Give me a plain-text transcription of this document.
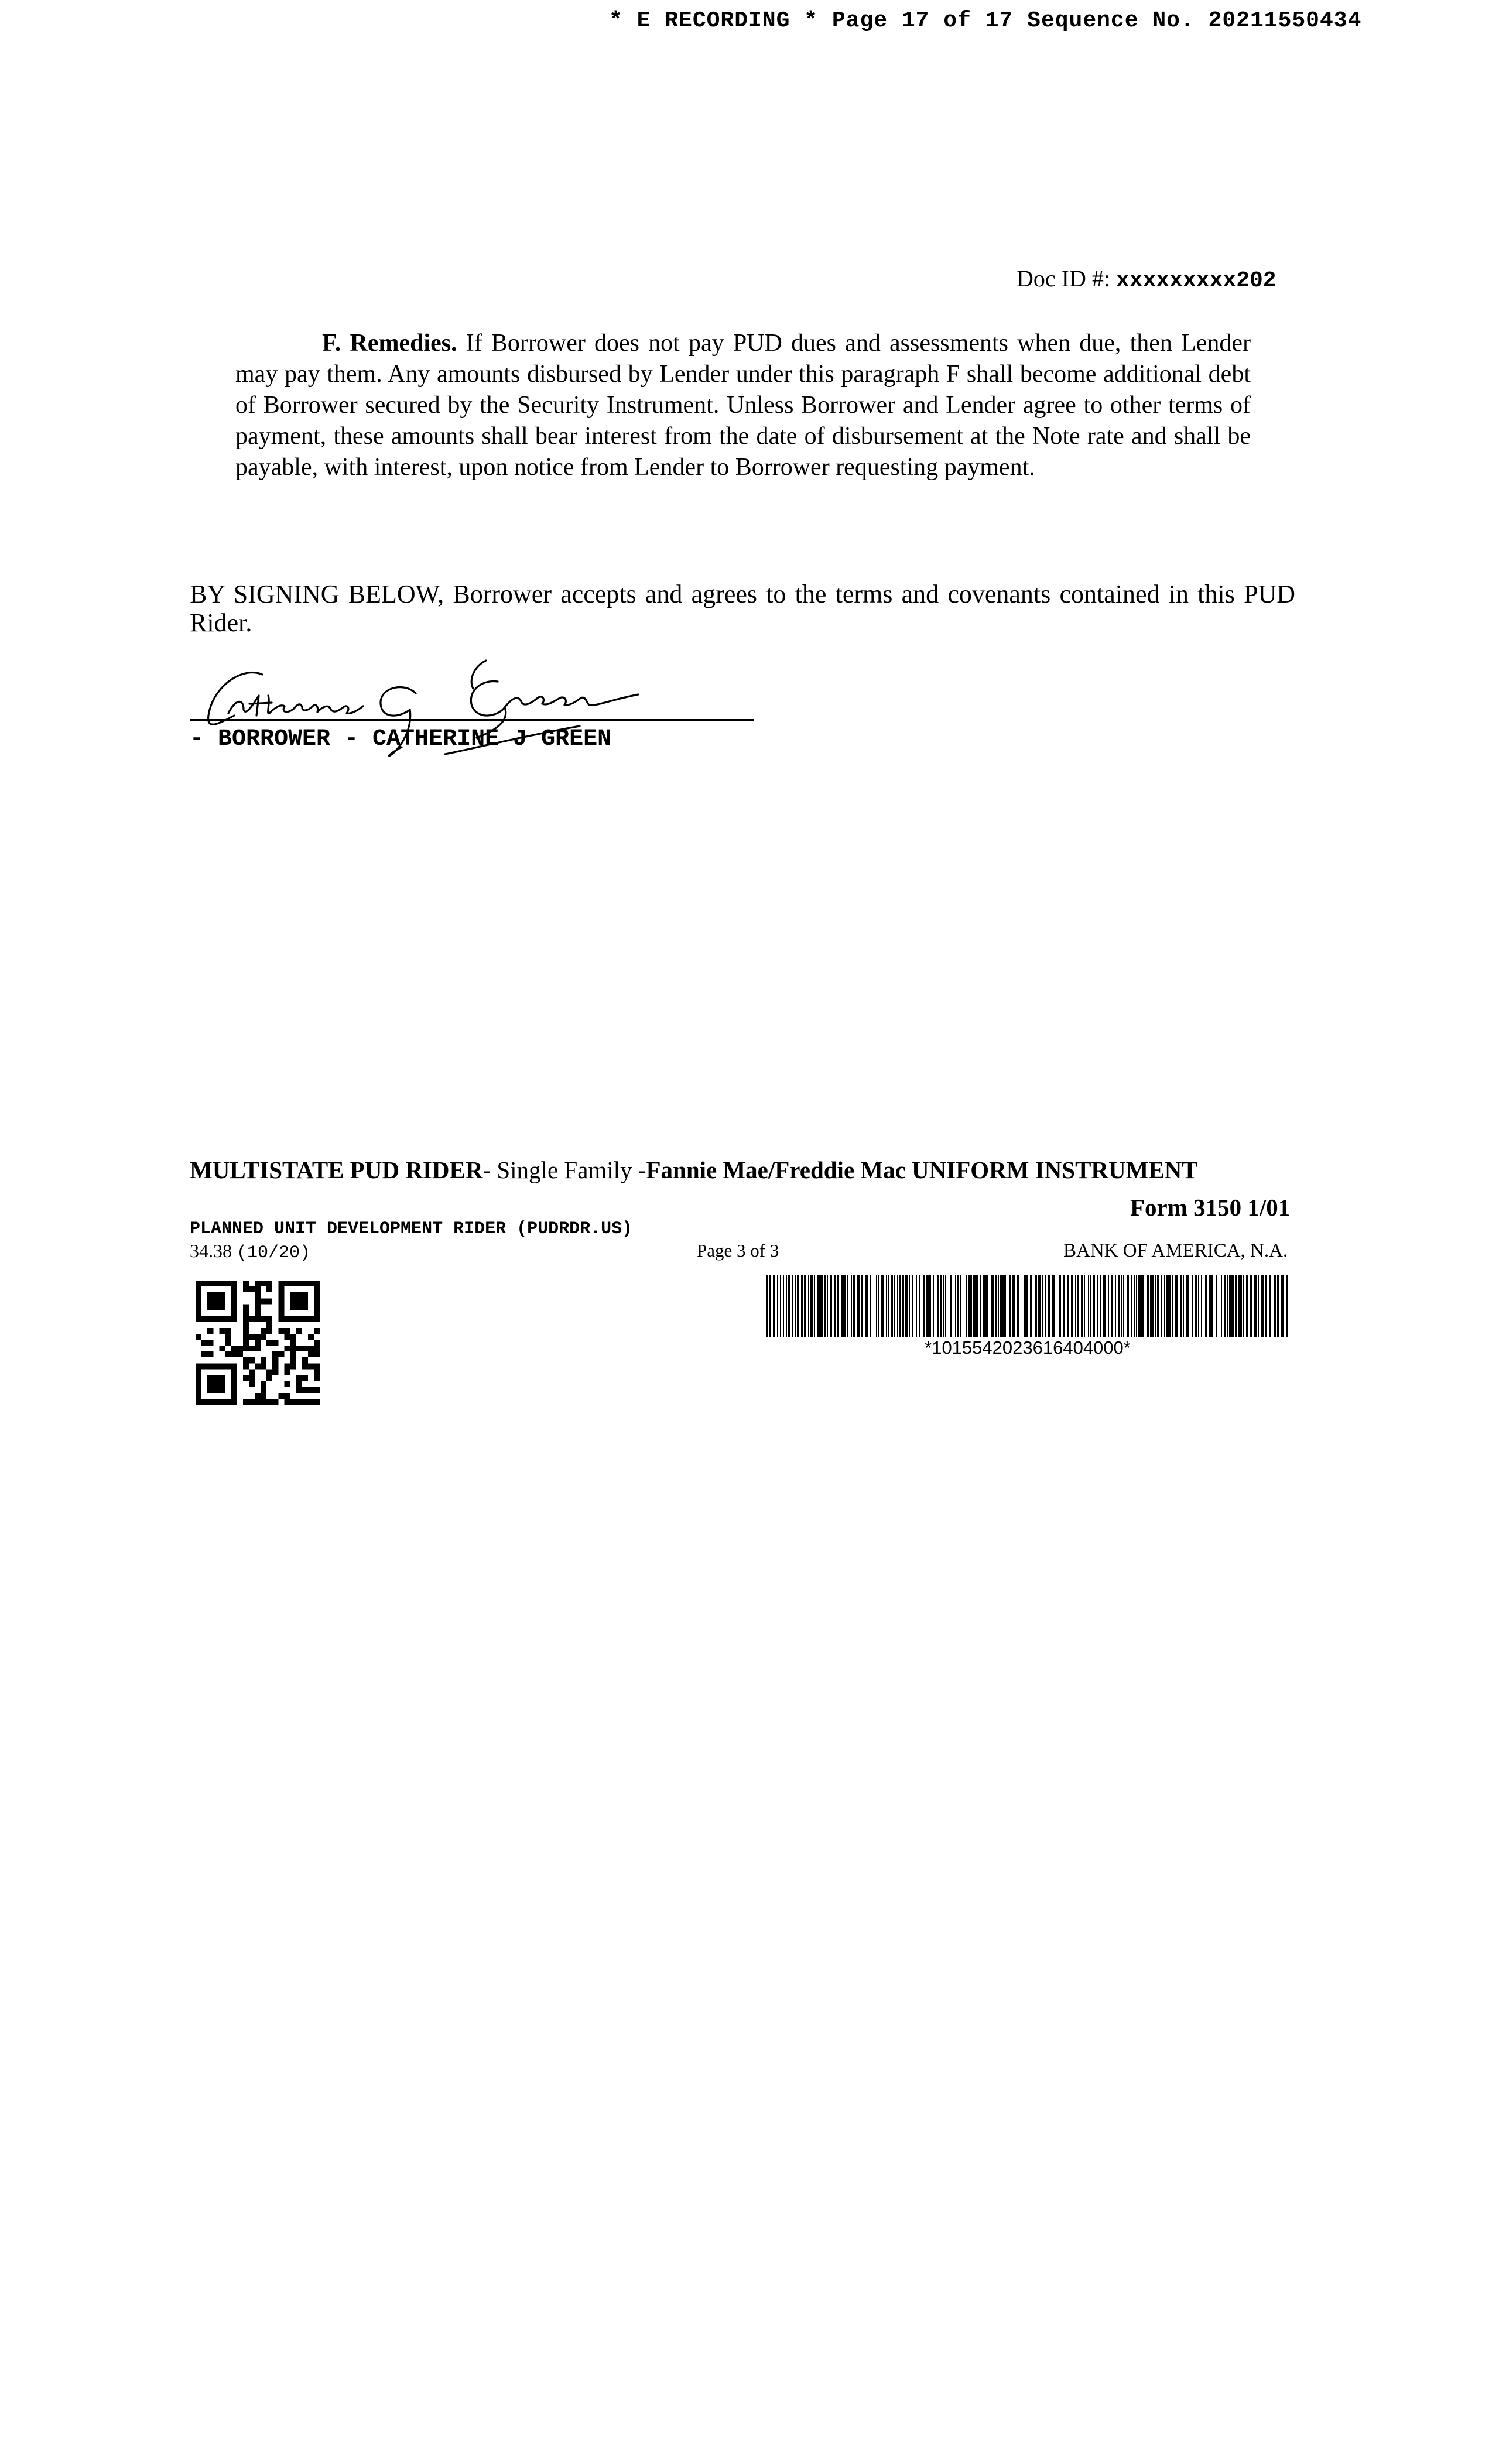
* E RECORDING * Page 17 of 17 Sequence No. 20211550434
Doc ID #: xxxxxxxxx202
F. Remedies. If Borrower does not pay PUD dues and assessments when due, then Lender may pay them. Any amounts disbursed by Lender under this paragraph F shall become additional debt of Borrower secured by the Security Instrument. Unless Borrower and Lender agree to other terms of payment, these amounts shall bear interest from the date of disbursement at the Note rate and shall be payable, with interest, upon notice from Lender to Borrower requesting payment.
BY SIGNING BELOW, Borrower accepts and agrees to the terms and covenants contained in this PUD Rider.
- BORROWER - CATHERINE J GREEN
MULTISTATE PUD RIDER- Single Family -Fannie Mae/Freddie Mac UNIFORM INSTRUMENT
Form 3150 1/01
PLANNED UNIT DEVELOPMENT RIDER (PUDRDR.US)
34.38 (10/20)	Page 3 of 3	BANK OF AMERICA, N.A.
*1015542023616404000*
